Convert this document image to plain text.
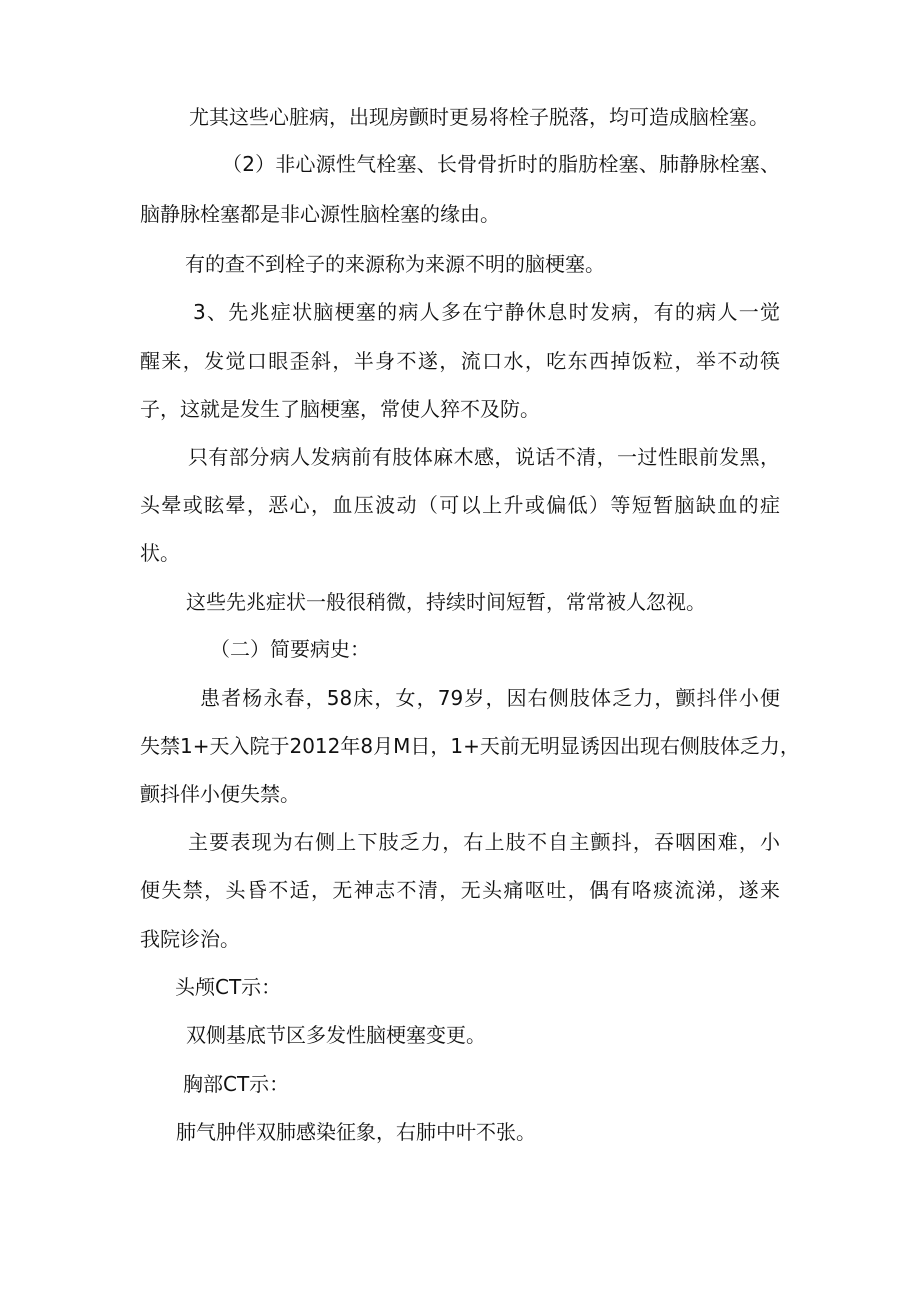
尤其这些心脏病，出现房颤时更易将栓子脱落，均可造成脑栓塞。
（2）非心源性气栓塞、长骨骨折时的脂肪栓塞、肺静脉栓塞、
脑静脉栓塞都是非心源性脑栓塞的缘由。
有的查不到栓子的来源称为来源不明的脑梗塞。
3、先兆症状脑梗塞的病人多在宁静休息时发病，有的病人一觉
醒来，发觉口眼歪斜，半身不遂，流口水，吃东西掉饭粒，举不动筷
子，这就是发生了脑梗塞，常使人猝不及防。
只有部分病人发病前有肢体麻木感，说话不清，一过性眼前发黑，
头晕或眩晕，恶心，血压波动（可以上升或偏低）等短暂脑缺血的症
状。
这些先兆症状一般很稍微，持续时间短暂，常常被人忽视。
（二）简要病史：
患者杨永春，58床，女，79岁，因右侧肢体乏力，颤抖伴小便
失禁1+天入院于2012年8月M日，1+天前无明显诱因出现右侧肢体乏力，
颤抖伴小便失禁。
主要表现为右侧上下肢乏力，右上肢不自主颤抖，吞咽困难，小
便失禁，头昏不适，无神志不清，无头痛呕吐，偶有咯痰流涕，遂来
我院诊治。
头颅CT示：
双侧基底节区多发性脑梗塞变更。
胸部CT示：
肺气肿伴双肺感染征象，右肺中叶不张。
